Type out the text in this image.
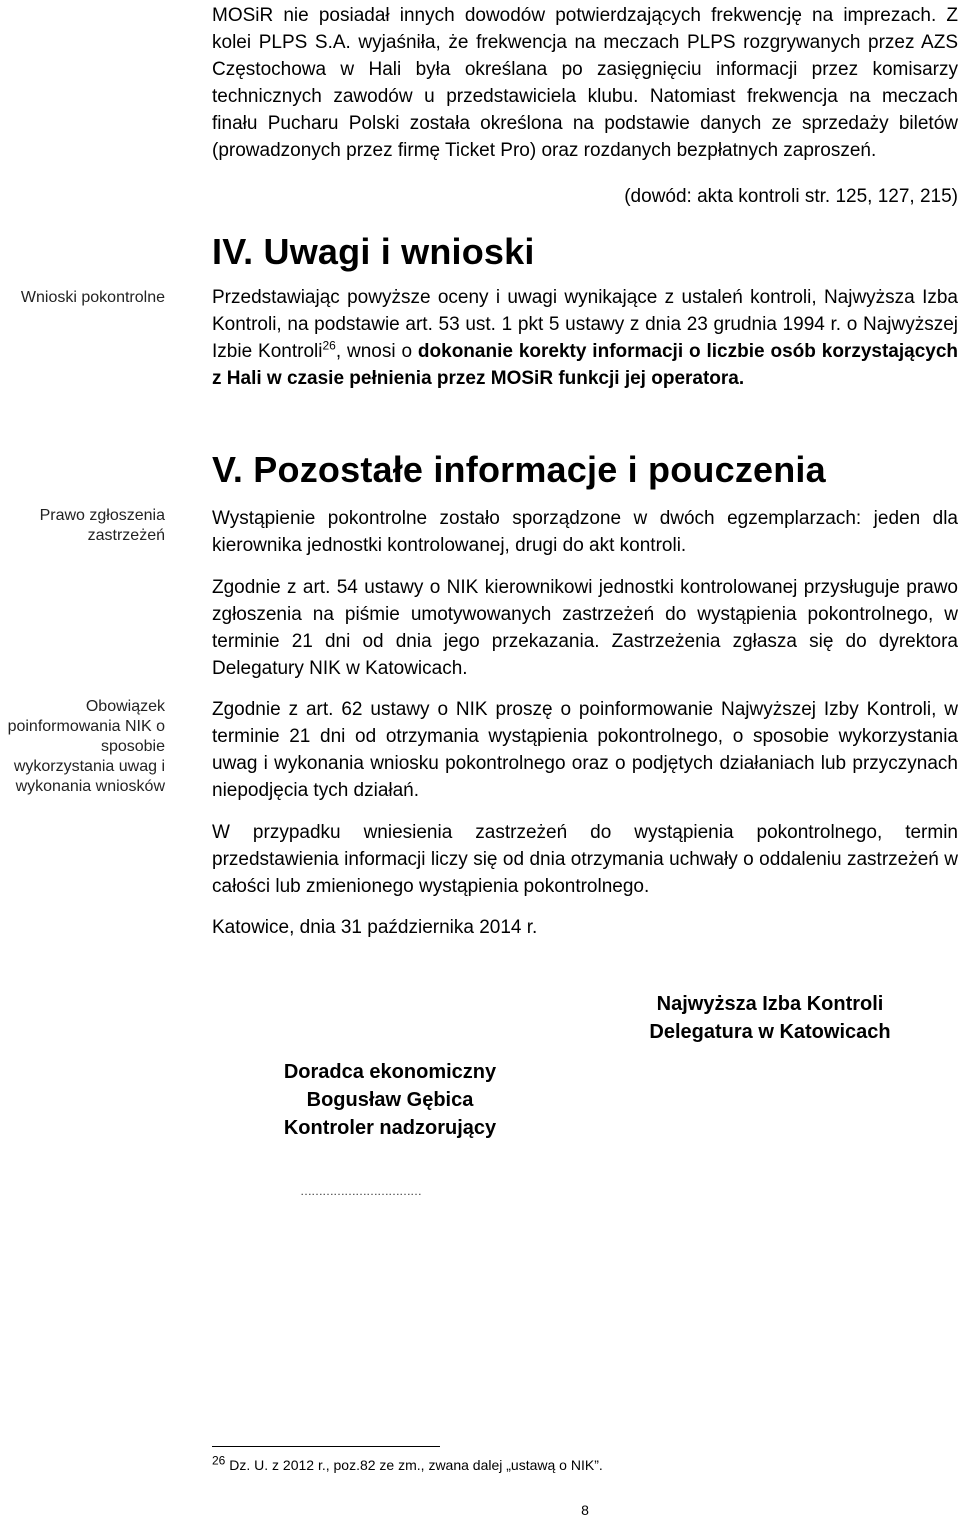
MOSiR nie posiadał innych dowodów potwierdzających frekwencję na imprezach. Z kolei PLPS S.A. wyjaśniła, że frekwencja na meczach PLPS rozgrywanych przez AZS Częstochowa w Hali była określana po zasięgnięciu informacji przez komisarzy technicznych zawodów u przedstawiciela klubu. Natomiast frekwencja na meczach finału Pucharu Polski została określona na podstawie danych ze sprzedaży biletów (prowadzonych przez firmę Ticket Pro) oraz rozdanych bezpłatnych zaproszeń.

(dowód: akta kontroli str. 125, 127, 215)
IV. Uwagi i wnioski
Wnioski pokontrolne Przedstawiając powyższe oceny i uwagi wynikające z ustaleń kontroli, Najwyższa Izba Kontroli, na podstawie art. 53 ust. 1 pkt 5 ustawy z dnia 23 grudnia 1994 r. o Najwyższej Izbie Kontroli$^{26}$, wnosi o dokonanie korekty informacji o liczbie osób korzystających z Hali w czasie pełnienia przez MOSiR funkcji jej operatora.

V. Pozostałe informacje i pouczenia
Prawo zgłoszenia zastrzeżeń
Obowiązek poinformowania NIK o sposobie wykorzystania uwag i wykonania wniosków

Wystąpienie pokontrolne zostało sporządzone w dwóch egzemplarzach: jeden dla kierownika jednostki kontrolowanej, drugi do akt kontroli.

Zgodnie z art. 54 ustawy o NIK kierownikowi jednostki kontrolowanej przysługuje prawo zgłoszenia na piśmie umotywowanych zastrzeżeń do wystąpienia pokontrolnego, w terminie 21 dni od dnia jego przekazania. Zastrzeżenia zgłasza się do dyrektora Delegatury NIK w Katowicach.

Zgodnie z art. 62 ustawy o NIK proszę o poinformowanie Najwyższej Izby Kontroli, w terminie 21 dni od otrzymania wystąpienia pokontrolnego, o sposobie wykorzystania uwag i wykonania wniosku pokontrolnego oraz o podjętych działaniach lub przyczynach niepodjęcia tych działań.

W przypadku wniesienia zastrzeżeń do wystąpienia pokontrolnego, termin przedstawienia informacji liczy się od dnia otrzymania uchwały o oddaleniu zastrzeżeń w całości lub zmienionego wystąpienia pokontrolnego.

Katowice, dnia 31 października 2014 r.
Najwyższa Izba Kontroli
Delegatura w Katowicach
Doradca ekonomiczny
Bogusław Gębica
Kontroler nadzorujący
……………………………
$^{26}$ Dz. U. z 2012 r., poz.82 ze zm., zwana dalej „ustawą o NIK”.
8
